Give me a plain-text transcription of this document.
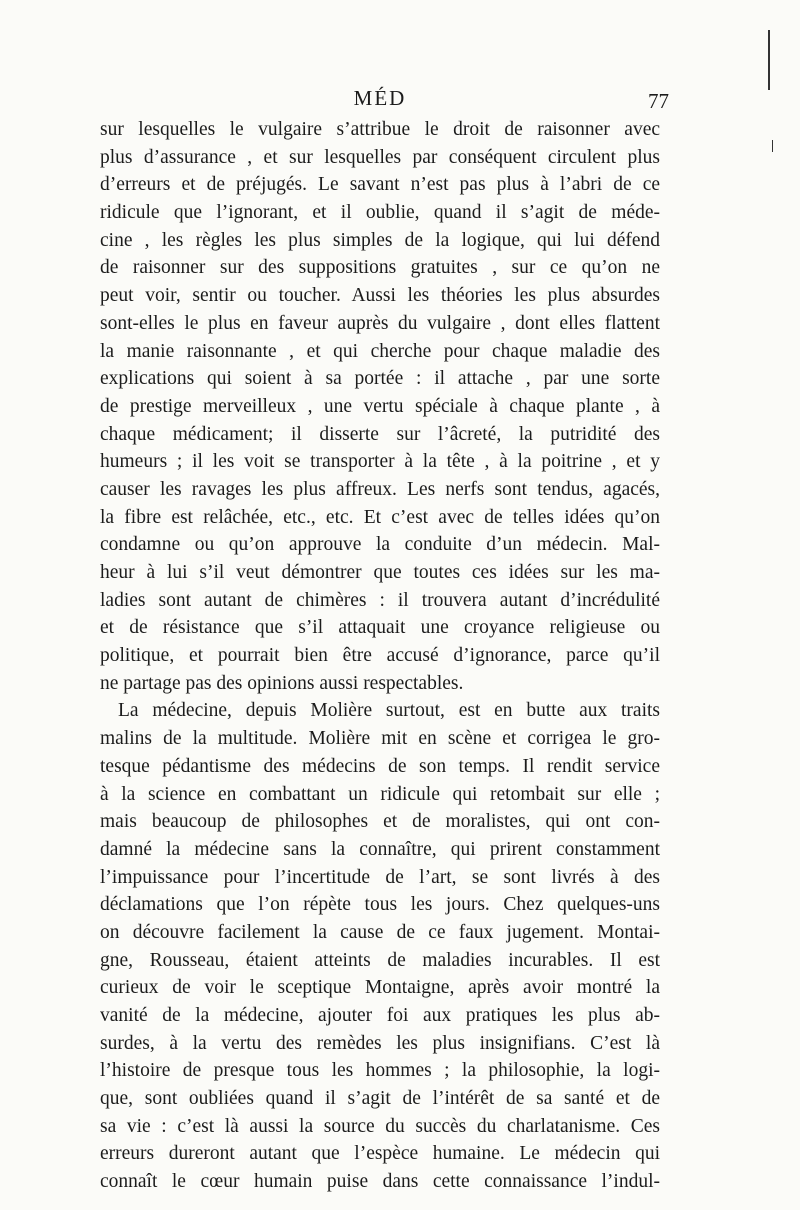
MÉD	77
sur lesquelles le vulgaire s’attribue le droit de raisonner avec
plus d’assurance , et sur lesquelles par conséquent circulent plus
d’erreurs et de préjugés. Le savant n’est pas plus à l’abri de ce
ridicule que l’ignorant, et il oublie, quand il s’agit de méde-
cine , les règles les plus simples de la logique, qui lui défend
de raisonner sur des suppositions gratuites , sur ce qu’on ne
peut voir, sentir ou toucher. Aussi les théories les plus absurdes
sont-elles le plus en faveur auprès du vulgaire , dont elles flattent
la manie raisonnante , et qui cherche pour chaque maladie des
explications qui soient à sa portée : il attache , par une sorte
de prestige merveilleux , une vertu spéciale à chaque plante , à
chaque médicament; il disserte sur l’âcreté, la putridité des
humeurs ; il les voit se transporter à la tête , à la poitrine , et y
causer les ravages les plus affreux. Les nerfs sont tendus, agacés,
la fibre est relâchée, etc., etc. Et c’est avec de telles idées qu’on
condamne ou qu’on approuve la conduite d’un médecin. Mal-
heur à lui s’il veut démontrer que toutes ces idées sur les ma-
ladies sont autant de chimères : il trouvera autant d’incrédulité
et de résistance que s’il attaquait une croyance religieuse ou
politique, et pourrait bien être accusé d’ignorance, parce qu’il
ne partage pas des opinions aussi respectables.
La médecine, depuis Molière surtout, est en butte aux traits
malins de la multitude. Molière mit en scène et corrigea le gro-
tesque pédantisme des médecins de son temps. Il rendit service
à la science en combattant un ridicule qui retombait sur elle ;
mais beaucoup de philosophes et de moralistes, qui ont con-
damné la médecine sans la connaître, qui prirent constamment
l’impuissance pour l’incertitude de l’art, se sont livrés à des
déclamations que l’on répète tous les jours. Chez quelques-uns
on découvre facilement la cause de ce faux jugement. Montai-
gne, Rousseau, étaient atteints de maladies incurables. Il est
curieux de voir le sceptique Montaigne, après avoir montré la
vanité de la médecine, ajouter foi aux pratiques les plus ab-
surdes, à la vertu des remèdes les plus insignifians. C’est là
l’histoire de presque tous les hommes ; la philosophie, la logi-
que, sont oubliées quand il s’agit de l’intérêt de sa santé et de
sa vie : c’est là aussi la source du succès du charlatanisme. Ces
erreurs dureront autant que l’espèce humaine. Le médecin qui
connaît le cœur humain puise dans cette connaissance l’indul-
